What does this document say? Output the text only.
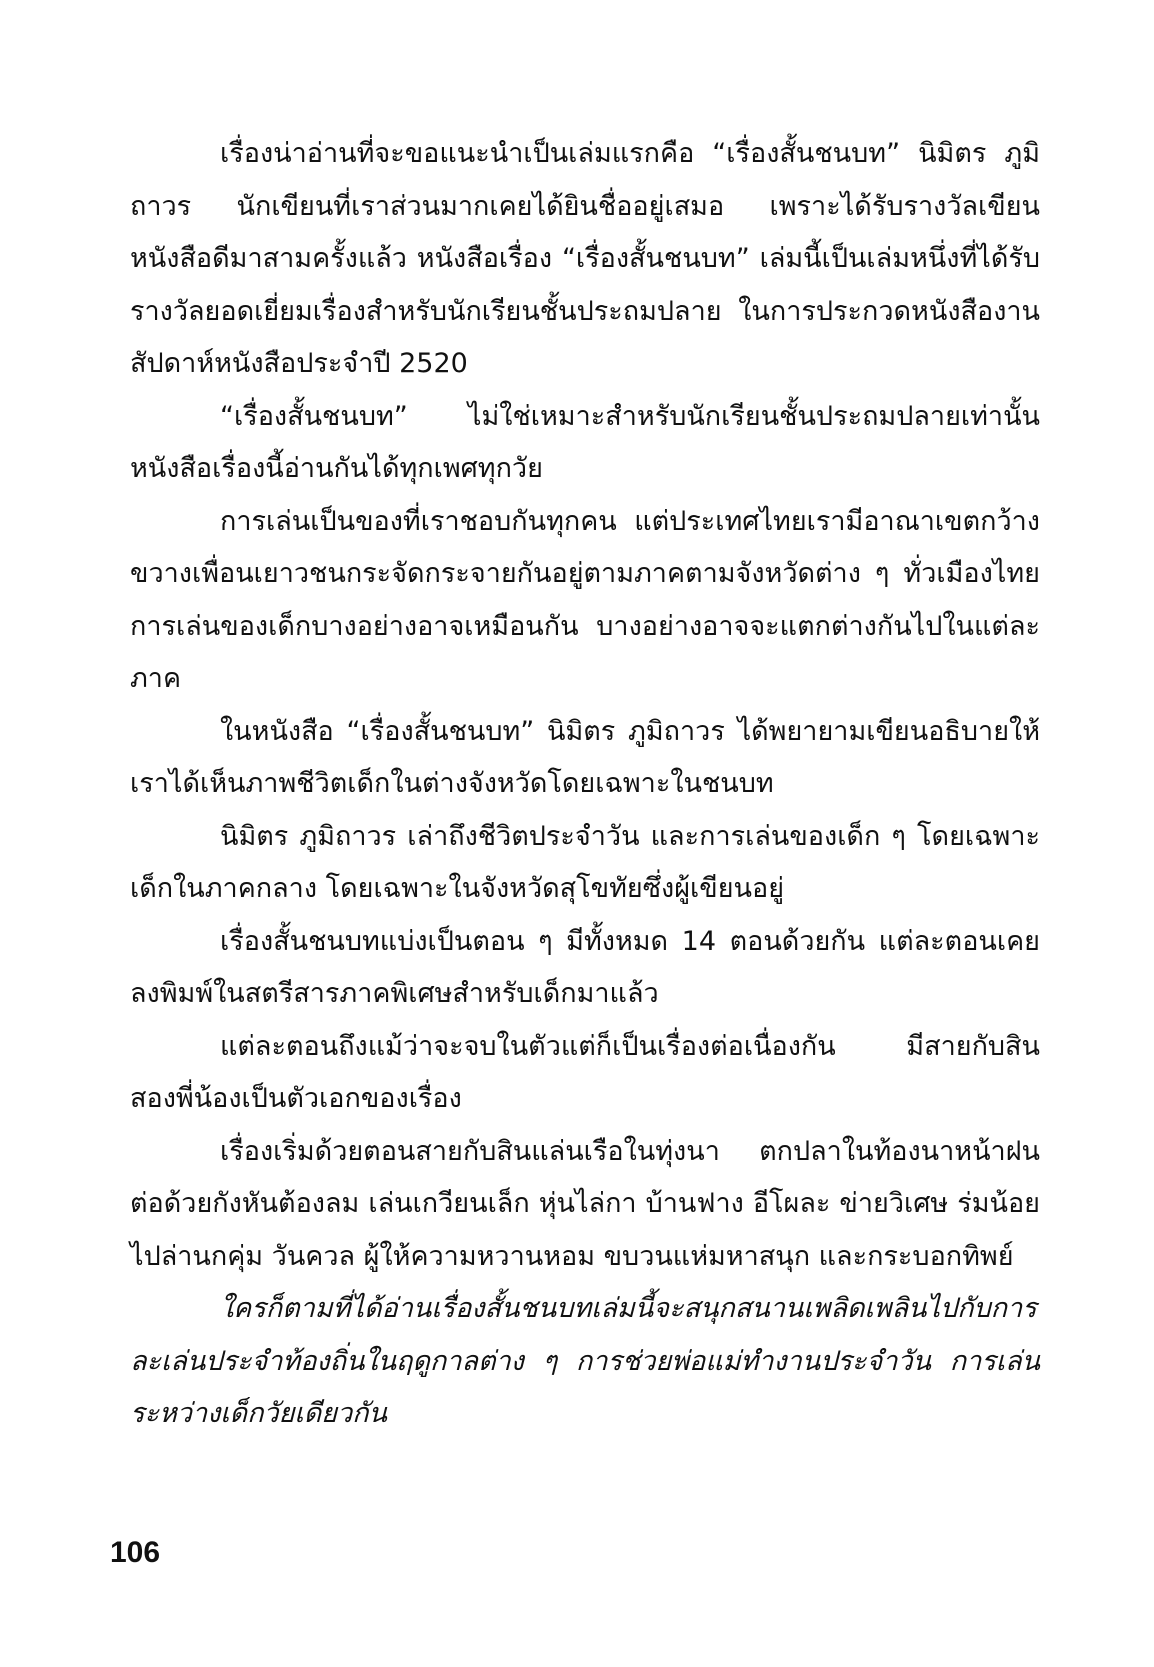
เรื่องน่าอ่านที่จะขอแนะนำเป็นเล่มแรกคือ “เรื่องสั้นชนบท” นิมิตร ภูมิถาวร นักเขียนที่เราส่วนมากเคยได้ยินชื่ออยู่เสมอ เพราะได้รับรางวัลเขียนหนังสือดีมาสามครั้งแล้ว หนังสือเรื่อง “เรื่องสั้นชนบท” เล่มนี้เป็นเล่มหนึ่งที่ได้รับรางวัลยอดเยี่ยมเรื่องสำหรับนักเรียนชั้นประถมปลาย ในการประกวดหนังสืองานสัปดาห์หนังสือประจำปี 2520

“เรื่องสั้นชนบท” ไม่ใช่เหมาะสำหรับนักเรียนชั้นประถมปลายเท่านั้น หนังสือเรื่องนี้อ่านกันได้ทุกเพศทุกวัย

การเล่นเป็นของที่เราชอบกันทุกคน แต่ประเทศไทยเรามีอาณาเขตกว้างขวางเพื่อนเยาวชนกระจัดกระจายกันอยู่ตามภาคตามจังหวัดต่าง ๆ ทั่วเมืองไทย การเล่นของเด็กบางอย่างอาจเหมือนกัน บางอย่างอาจจะแตกต่างกันไปในแต่ละภาค

ในหนังสือ “เรื่องสั้นชนบท” นิมิตร ภูมิถาวร ได้พยายามเขียนอธิบายให้เราได้เห็นภาพชีวิตเด็กในต่างจังหวัดโดยเฉพาะในชนบท

นิมิตร ภูมิถาวร เล่าถึงชีวิตประจำวัน และการเล่นของเด็ก ๆ โดยเฉพาะเด็กในภาคกลาง โดยเฉพาะในจังหวัดสุโขทัยซึ่งผู้เขียนอยู่

เรื่องสั้นชนบทแบ่งเป็นตอน ๆ มีทั้งหมด 14 ตอนด้วยกัน แต่ละตอนเคยลงพิมพ์ในสตรีสารภาคพิเศษสำหรับเด็กมาแล้ว

แต่ละตอนถึงแม้ว่าจะจบในตัวแต่ก็เป็นเรื่องต่อเนื่องกัน มีสายกับสิน สองพี่น้องเป็นตัวเอกของเรื่อง

เรื่องเริ่มด้วยตอนสายกับสินแล่นเรือในทุ่งนา ตกปลาในท้องนาหน้าฝน ต่อด้วยกังหันต้องลม เล่นเกวียนเล็ก หุ่นไล่กา บ้านฟาง อีโผละ ข่ายวิเศษ ร่มน้อย ไปล่านกคุ่ม วันควล ผู้ให้ความหวานหอม ขบวนแห่มหาสนุก และกระบอกทิพย์

ใครก็ตามที่ได้อ่านเรื่องสั้นชนบทเล่มนี้จะสนุกสนานเพลิดเพลินไปกับการละเล่นประจำท้องถิ่นในฤดูกาลต่าง ๆ การช่วยพ่อแม่ทำงานประจำวัน การเล่นระหว่างเด็กวัยเดียวกัน

106
